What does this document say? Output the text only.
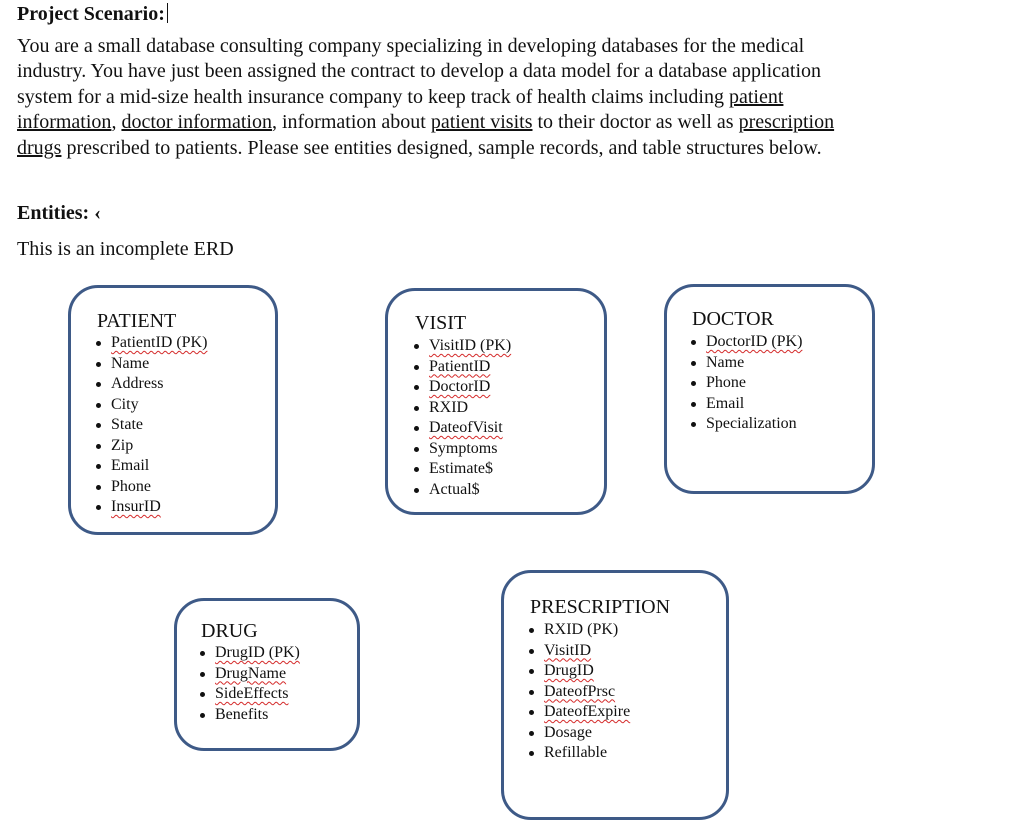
Project Scenario:

You are a small database consulting company specializing in developing databases for the medical industry. You have just been assigned the contract to develop a data model for a database application system for a mid-size health insurance company to keep track of health claims including patient information, doctor information, information about patient visits to their doctor as well as prescription drugs prescribed to patients. Please see entities designed, sample records, and table structures below.

Entities: ‹

This is an incomplete ERD

PATIENT
PatientID (PK)
Name
Address
City
State
Zip
Email
Phone
InsurID
VISIT
VisitID (PK)
PatientID
DoctorID
RXID
DateofVisit
Symptoms
Estimate$
Actual$
DOCTOR
DoctorID (PK)
Name
Phone
Email
Specialization
DRUG
DrugID (PK)
DrugName
SideEffects
Benefits
PRESCRIPTION
RXID (PK)
VisitID
DrugID
DateofPrsc
DateofExpire
Dosage
Refillable
